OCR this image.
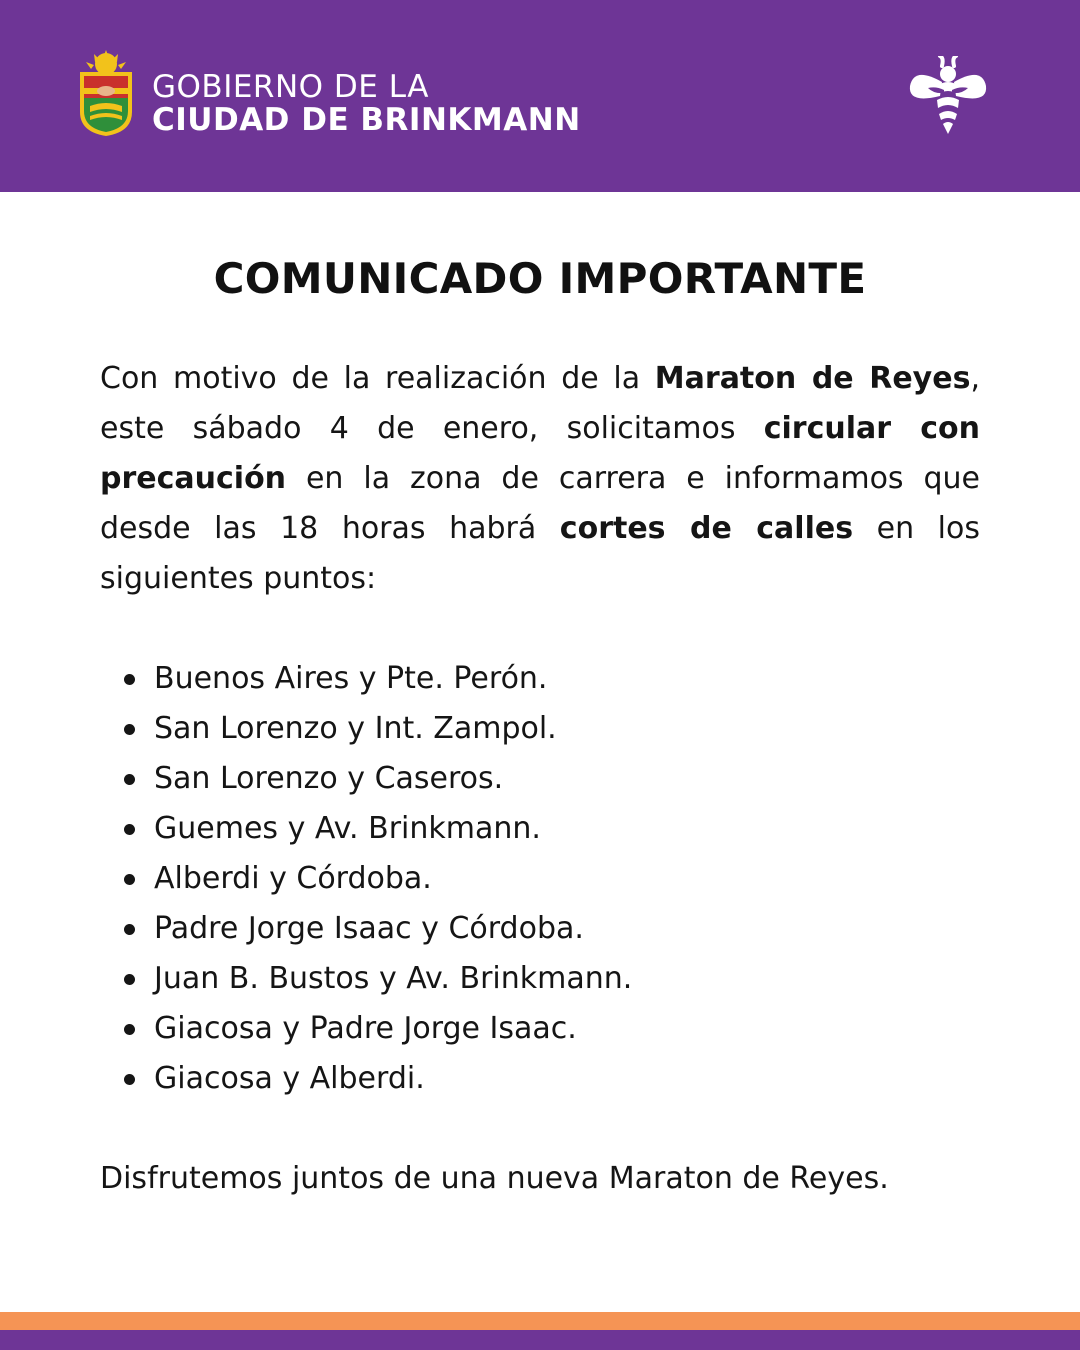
GOBIERNO DE LA
CIUDAD DE BRINKMANN
COMUNICADO IMPORTANTE

Con motivo de la realización de la Maraton de Reyes, este sábado 4 de enero, solicitamos circular con precaución en la zona de carrera e informamos que desde las 18 horas habrá cortes de calles en los siguientes puntos:

Buenos Aires y Pte. Perón.
San Lorenzo y Int. Zampol.
San Lorenzo y Caseros.
Guemes y Av. Brinkmann.
Alberdi y Córdoba.
Padre Jorge Isaac y Córdoba.
Juan B. Bustos y Av. Brinkmann.
Giacosa y Padre Jorge Isaac.
Giacosa y Alberdi.

Disfrutemos juntos de una nueva Maraton de Reyes.
